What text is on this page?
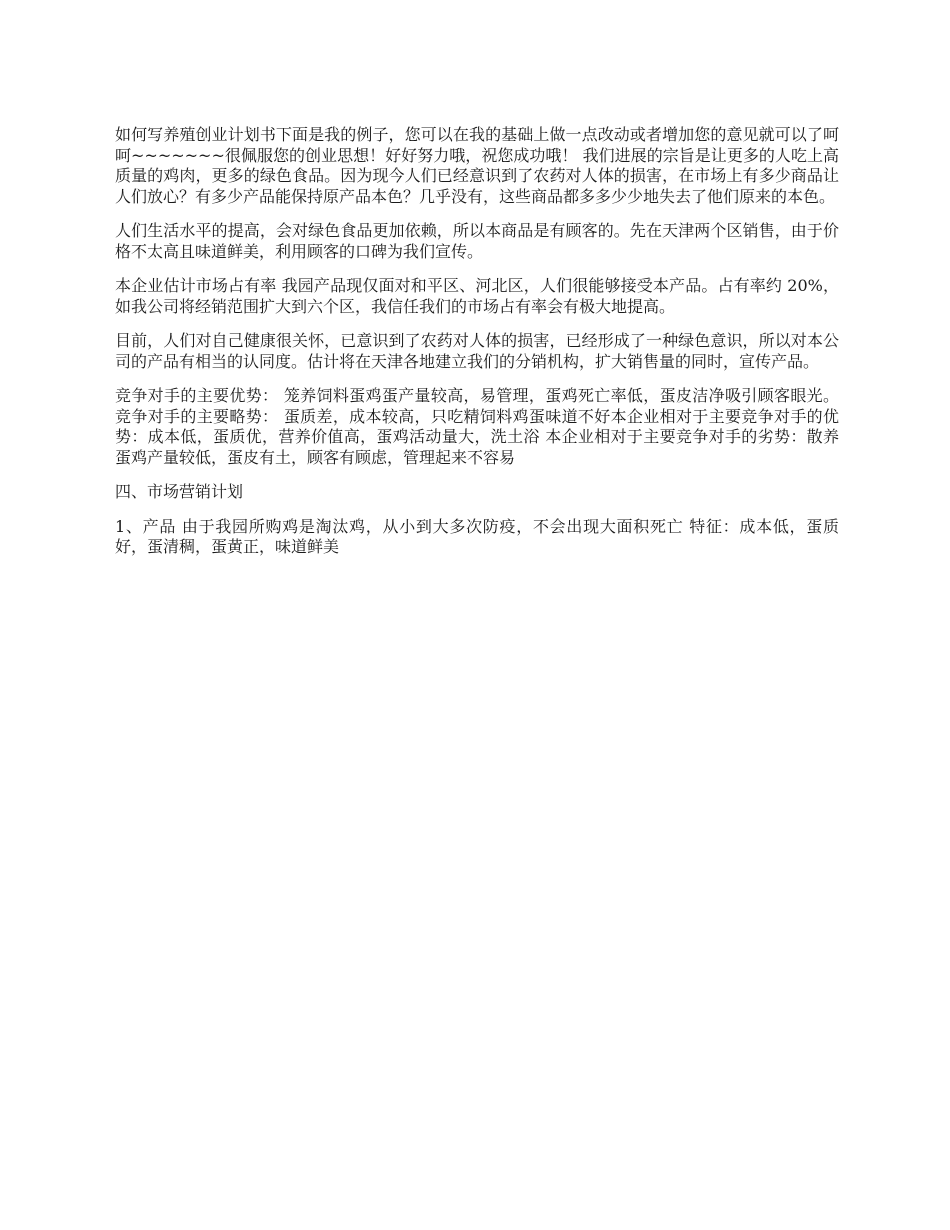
如何写养殖创业计划书下面是我的例子，您可以在我的基础上做一点改动或者增加您的意见就可以了呵呵~~~~~~~很佩服您的创业思想！好好努力哦，祝您成功哦！ 我们进展的宗旨是让更多的人吃上高质量的鸡肉，更多的绿色食品。因为现今人们已经意识到了农药对人体的损害，在市场上有多少商品让人们放心？有多少产品能保持原产品本色？几乎没有，这些商品都多多少少地失去了他们原来的本色。

人们生活水平的提高，会对绿色食品更加依赖，所以本商品是有顾客的。先在天津两个区销售，由于价格不太高且味道鲜美，利用顾客的口碑为我们宣传。

本企业估计市场占有率 我园产品现仅面对和平区、河北区，人们很能够接受本产品。占有率约 20%，如我公司将经销范围扩大到六个区，我信任我们的市场占有率会有极大地提高。

目前，人们对自己健康很关怀，已意识到了农药对人体的损害，已经形成了一种绿色意识，所以对本公司的产品有相当的认同度。估计将在天津各地建立我们的分销机构，扩大销售量的同时，宣传产品。

竞争对手的主要优势： 笼养饲料蛋鸡蛋产量较高，易管理，蛋鸡死亡率低，蛋皮洁净吸引顾客眼光。 竞争对手的主要略势： 蛋质差，成本较高，只吃精饲料鸡蛋味道不好本企业相对于主要竞争对手的优势：成本低，蛋质优，营养价值高，蛋鸡活动量大，洗土浴 本企业相对于主要竞争对手的劣势：散养蛋鸡产量较低，蛋皮有土，顾客有顾虑，管理起来不容易

四、市场营销计划

1、产品 由于我园所购鸡是淘汰鸡，从小到大多次防疫，不会出现大面积死亡 特征：成本低，蛋质好，蛋清稠，蛋黄正，味道鲜美
